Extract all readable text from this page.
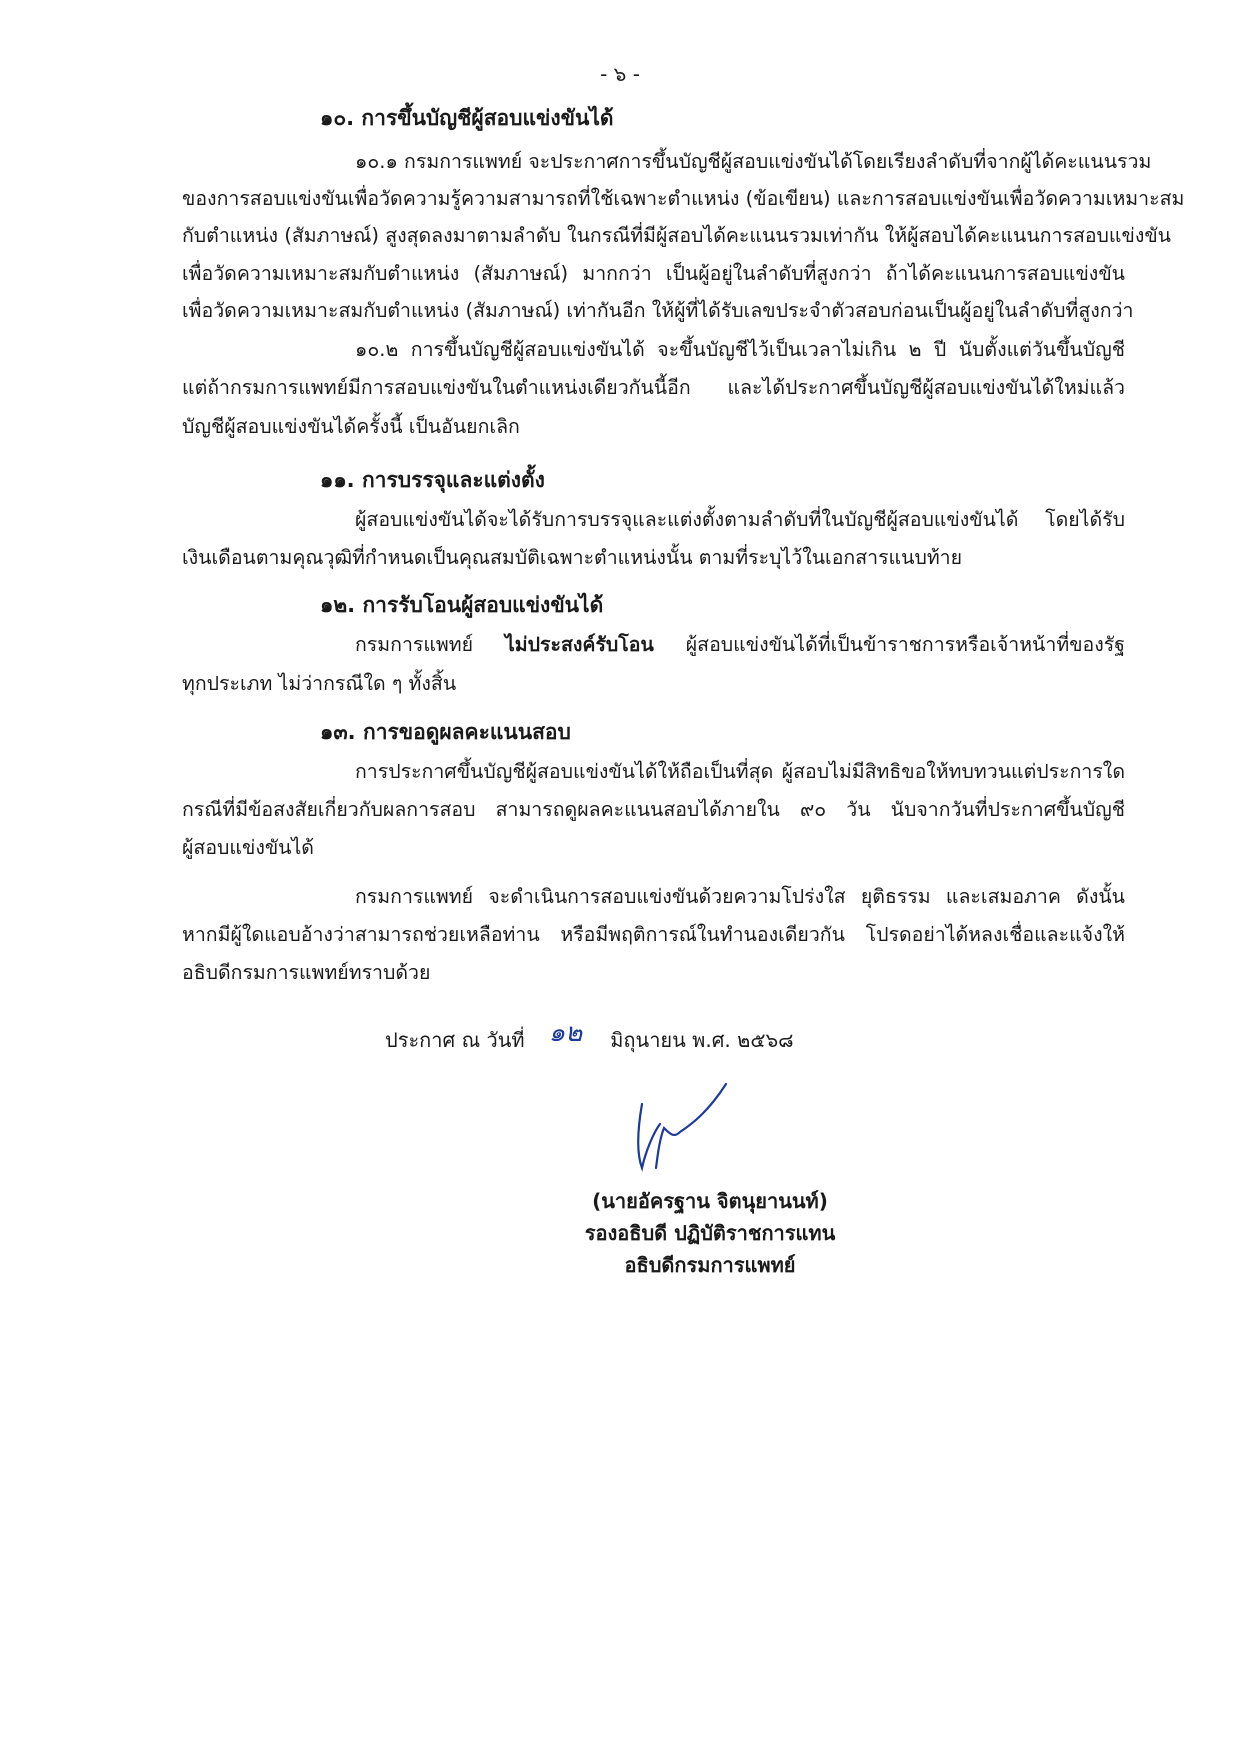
- ๖ -
๑๐. การขึ้นบัญชีผู้สอบแข่งขันได้
๑๐.๑ กรมการแพทย์ จะประกาศการขึ้นบัญชีผู้สอบแข่งขันได้โดยเรียงลำดับที่จากผู้ได้คะแนนรวม
ของการสอบแข่งขันเพื่อวัดความรู้ความสามารถที่ใช้เฉพาะตำแหน่ง (ข้อเขียน) และการสอบแข่งขันเพื่อวัดความเหมาะสม
กับตำแหน่ง (สัมภาษณ์) สูงสุดลงมาตามลำดับ ในกรณีที่มีผู้สอบได้คะแนนรวมเท่ากัน ให้ผู้สอบได้คะแนนการสอบแข่งขัน
เพื่อวัดความเหมาะสมกับตำแหน่ง (สัมภาษณ์) มากกว่า เป็นผู้อยู่ในลำดับที่สูงกว่า ถ้าได้คะแนนการสอบแข่งขัน
เพื่อวัดความเหมาะสมกับตำแหน่ง (สัมภาษณ์) เท่ากันอีก ให้ผู้ที่ได้รับเลขประจำตัวสอบก่อนเป็นผู้อยู่ในลำดับที่สูงกว่า
๑๐.๒ การขึ้นบัญชีผู้สอบแข่งขันได้ จะขึ้นบัญชีไว้เป็นเวลาไม่เกิน ๒ ปี นับตั้งแต่วันขึ้นบัญชี
แต่ถ้ากรมการแพทย์มีการสอบแข่งขันในตำแหน่งเดียวกันนี้อีก และได้ประกาศขึ้นบัญชีผู้สอบแข่งขันได้ใหม่แล้ว
บัญชีผู้สอบแข่งขันได้ครั้งนี้ เป็นอันยกเลิก
๑๑. การบรรจุและแต่งตั้ง
ผู้สอบแข่งขันได้จะได้รับการบรรจุและแต่งตั้งตามลำดับที่ในบัญชีผู้สอบแข่งขันได้ โดยได้รับ
เงินเดือนตามคุณวุฒิที่กำหนดเป็นคุณสมบัติเฉพาะตำแหน่งนั้น ตามที่ระบุไว้ในเอกสารแนบท้าย
๑๒. การรับโอนผู้สอบแข่งขันได้
กรมการแพทย์ ไม่ประสงค์รับโอน ผู้สอบแข่งขันได้ที่เป็นข้าราชการหรือเจ้าหน้าที่ของรัฐ
ทุกประเภท ไม่ว่ากรณีใด ๆ ทั้งสิ้น
๑๓. การขอดูผลคะแนนสอบ
การประกาศขึ้นบัญชีผู้สอบแข่งขันได้ให้ถือเป็นที่สุด ผู้สอบไม่มีสิทธิขอให้ทบทวนแต่ประการใด
กรณีที่มีข้อสงสัยเกี่ยวกับผลการสอบ สามารถดูผลคะแนนสอบได้ภายใน ๙๐ วัน นับจากวันที่ประกาศขึ้นบัญชี
ผู้สอบแข่งขันได้
กรมการแพทย์ จะดำเนินการสอบแข่งขันด้วยความโปร่งใส ยุติธรรม และเสมอภาค ดังนั้น
หากมีผู้ใดแอบอ้างว่าสามารถช่วยเหลือท่าน หรือมีพฤติการณ์ในทำนองเดียวกัน โปรดอย่าได้หลงเชื่อและแจ้งให้
อธิบดีกรมการแพทย์ทราบด้วย
ประกาศ ณ วันที่ ๑๒ มิถุนายน พ.ศ. ๒๕๖๘
(นายอัครฐาน จิตนุยานนท์)
รองอธิบดี ปฏิบัติราชการแทน
อธิบดีกรมการแพทย์
